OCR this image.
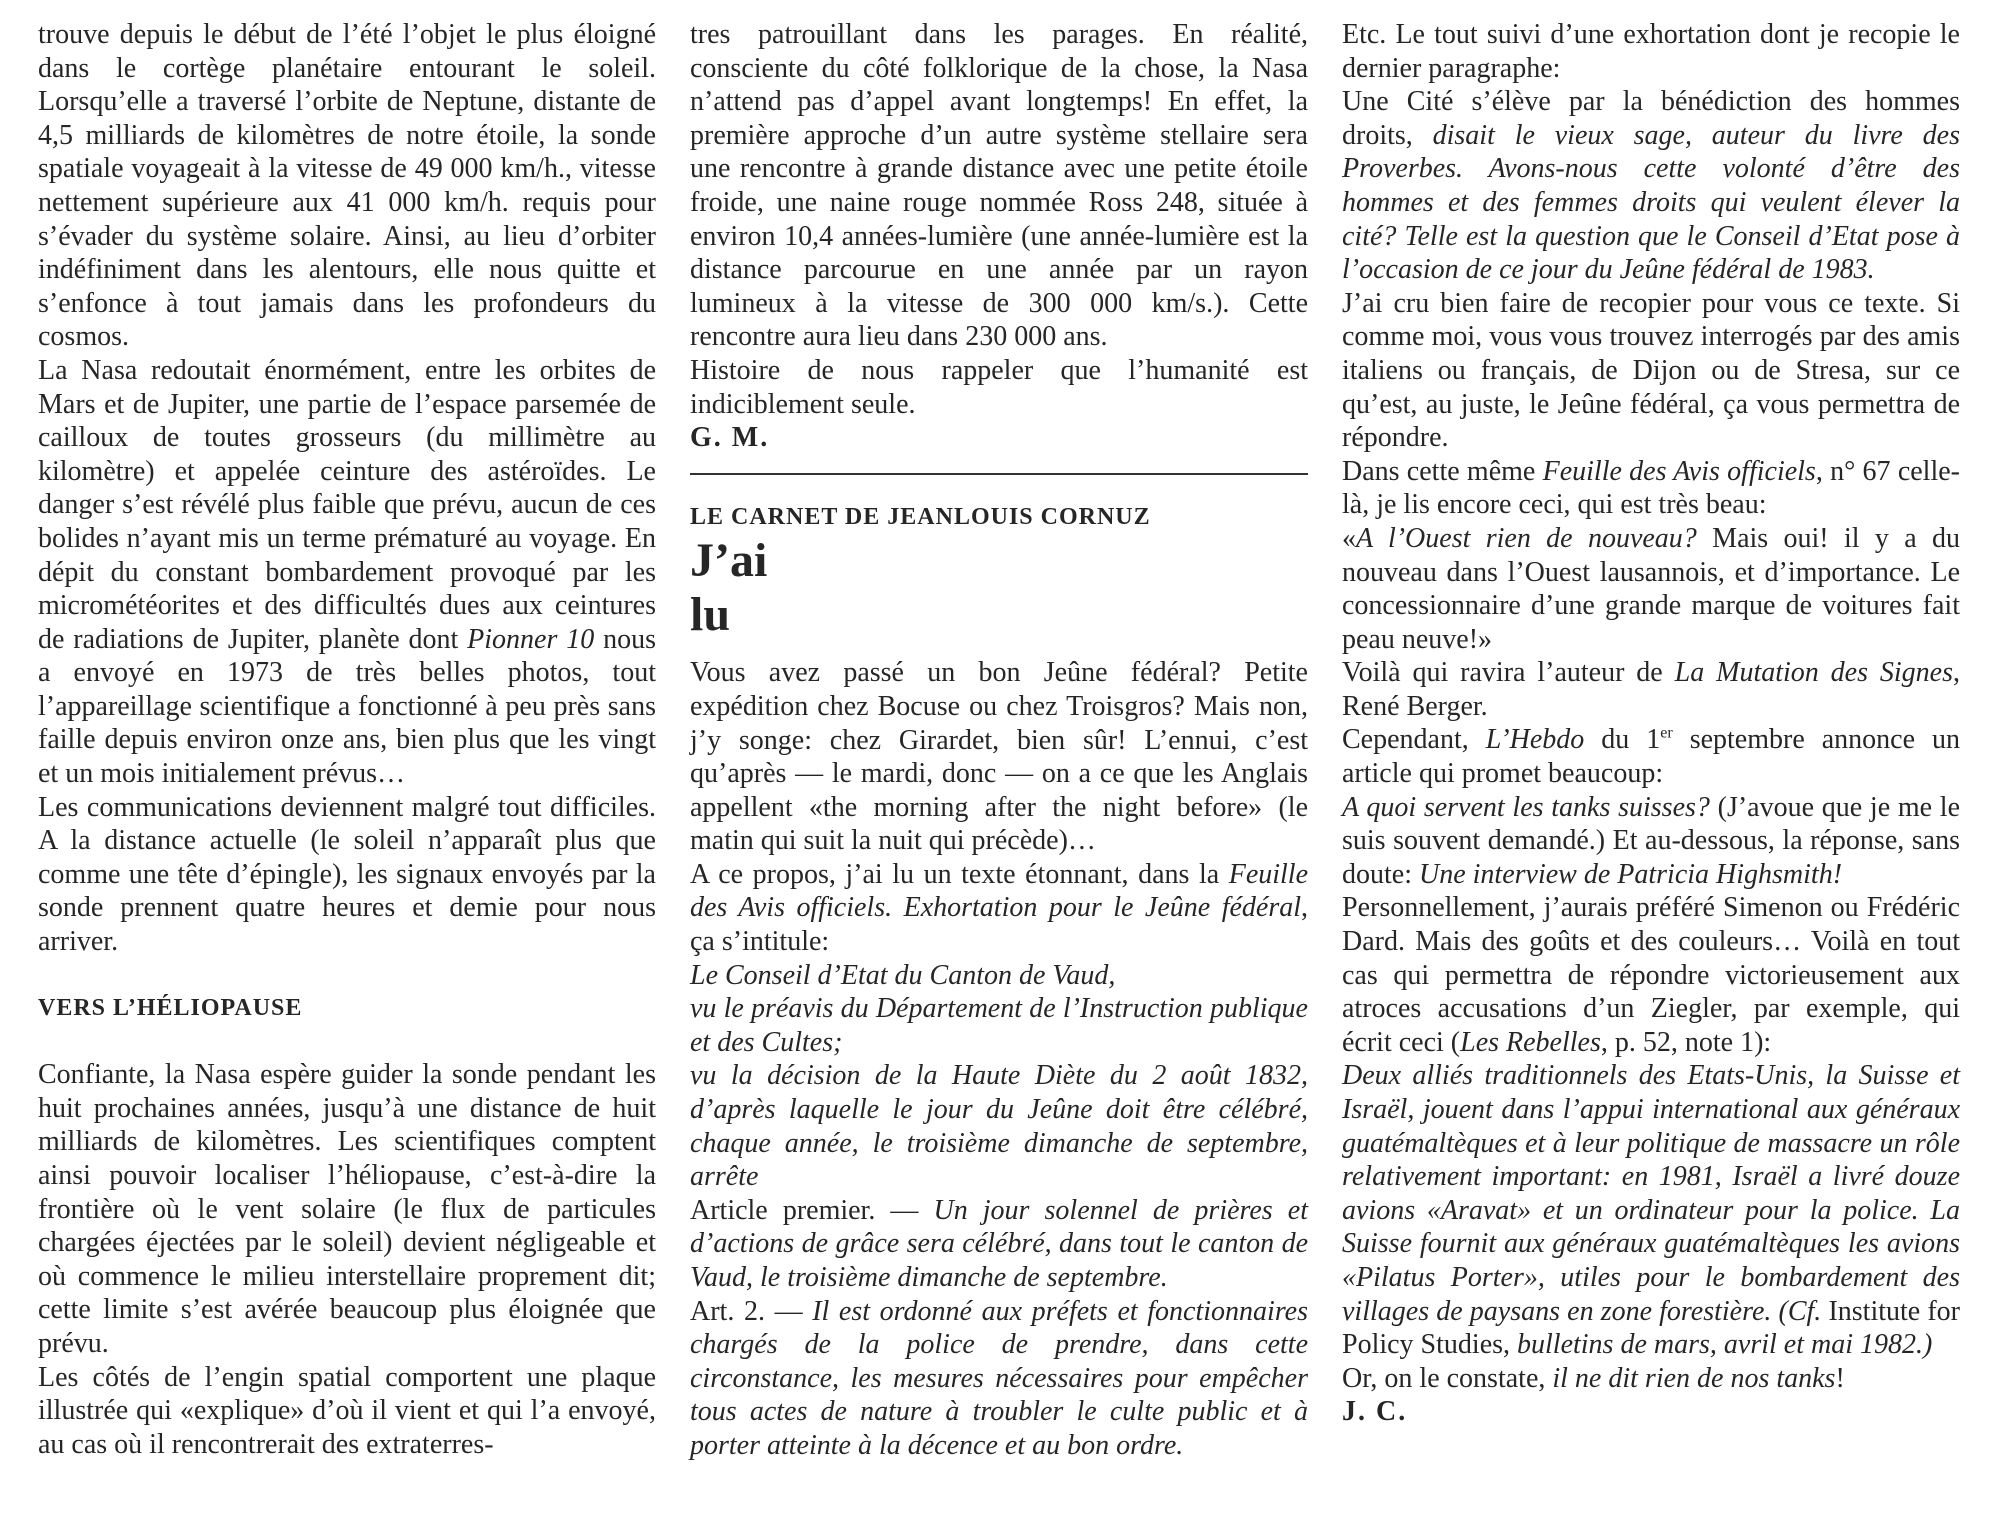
trouve depuis le début de l’été l’objet le plus éloigné dans le cortège planétaire entourant le soleil. Lorsqu’elle a traversé l’orbite de Neptune, distante de 4,5 milliards de kilomètres de notre étoile, la sonde spatiale voyageait à la vitesse de 49 000 km/h., vitesse nettement supérieure aux 41 000 km/h. requis pour s’évader du système solaire. Ainsi, au lieu d’orbiter indéfiniment dans les alentours, elle nous quitte et s’enfonce à tout jamais dans les profondeurs du cosmos.

La Nasa redoutait énormément, entre les orbites de Mars et de Jupiter, une partie de l’espace parsemée de cailloux de toutes grosseurs (du millimètre au kilomètre) et appelée ceinture des astéroïdes. Le danger s’est révélé plus faible que prévu, aucun de ces bolides n’ayant mis un terme prématuré au voyage. En dépit du constant bombardement provoqué par les micrométéorites et des difficultés dues aux ceintures de radiations de Jupiter, planète dont Pionner 10 nous a envoyé en 1973 de très belles photos, tout l’appareillage scientifique a fonctionné à peu près sans faille depuis environ onze ans, bien plus que les vingt et un mois initialement prévus…

Les communications deviennent malgré tout difficiles. A la distance actuelle (le soleil n’apparaît plus que comme une tête d’épingle), les signaux envoyés par la sonde prennent quatre heures et demie pour nous arriver.

VERS L’HÉLIOPAUSE

Confiante, la Nasa espère guider la sonde pendant les huit prochaines années, jusqu’à une distance de huit milliards de kilomètres. Les scientifiques comptent ainsi pouvoir localiser l’héliopause, c’est-à-dire la frontière où le vent solaire (le flux de particules chargées éjectées par le soleil) devient négligeable et où commence le milieu interstellaire proprement dit; cette limite s’est avérée beaucoup plus éloignée que prévu.

Les côtés de l’engin spatial comportent une plaque illustrée qui «explique» d’où il vient et qui l’a envoyé, au cas où il rencontrerait des extraterres-

tres patrouillant dans les parages. En réalité, consciente du côté folklorique de la chose, la Nasa n’attend pas d’appel avant longtemps! En effet, la première approche d’un autre système stellaire sera une rencontre à grande distance avec une petite étoile froide, une naine rouge nommée Ross 248, située à environ 10,4 années-lumière (une année-lumière est la distance parcourue en une année par un rayon lumineux à la vitesse de 300 000 km/s.). Cette rencontre aura lieu dans 230 000 ans.

Histoire de nous rappeler que l’humanité est indiciblement seule.

G. M.

LE CARNET DE JEANLOUIS CORNUZ

J’ai
lu

Vous avez passé un bon Jeûne fédéral? Petite expédition chez Bocuse ou chez Troisgros? Mais non, j’y songe: chez Girardet, bien sûr! L’ennui, c’est qu’après — le mardi, donc — on a ce que les Anglais appellent «the morning after the night before» (le matin qui suit la nuit qui précède)…

A ce propos, j’ai lu un texte étonnant, dans la Feuille des Avis officiels. Exhortation pour le Jeûne fédéral, ça s’intitule:

Le Conseil d’Etat du Canton de Vaud,

vu le préavis du Département de l’Instruction publique et des Cultes;

vu la décision de la Haute Diète du 2 août 1832, d’après laquelle le jour du Jeûne doit être célébré, chaque année, le troisième dimanche de septembre, arrête

Article premier. — Un jour solennel de prières et d’actions de grâce sera célébré, dans tout le canton de Vaud, le troisième dimanche de septembre.

Art. 2. — Il est ordonné aux préfets et fonctionnaires chargés de la police de prendre, dans cette circonstance, les mesures nécessaires pour empêcher tous actes de nature à troubler le culte public et à porter atteinte à la décence et au bon ordre.

Etc. Le tout suivi d’une exhortation dont je recopie le dernier paragraphe:

Une Cité s’élève par la bénédiction des hommes droits, disait le vieux sage, auteur du livre des Proverbes. Avons-nous cette volonté d’être des hommes et des femmes droits qui veulent élever la cité? Telle est la question que le Conseil d’Etat pose à l’occasion de ce jour du Jeûne fédéral de 1983.

J’ai cru bien faire de recopier pour vous ce texte. Si comme moi, vous vous trouvez interrogés par des amis italiens ou français, de Dijon ou de Stresa, sur ce qu’est, au juste, le Jeûne fédéral, ça vous permettra de répondre.

Dans cette même Feuille des Avis officiels, n° 67 celle-là, je lis encore ceci, qui est très beau:

«A l’Ouest rien de nouveau? Mais oui! il y a du nouveau dans l’Ouest lausannois, et d’importance. Le concessionnaire d’une grande marque de voitures fait peau neuve!»

Voilà qui ravira l’auteur de La Mutation des Signes, René Berger.

Cependant, L’Hebdo du 1er septembre annonce un article qui promet beaucoup:

A quoi servent les tanks suisses? (J’avoue que je me le suis souvent demandé.) Et au-dessous, la réponse, sans doute: Une interview de Patricia Highsmith!

Personnellement, j’aurais préféré Simenon ou Frédéric Dard. Mais des goûts et des couleurs… Voilà en tout cas qui permettra de répondre victorieusement aux atroces accusations d’un Ziegler, par exemple, qui écrit ceci (Les Rebelles, p. 52, note 1):

Deux alliés traditionnels des Etats-Unis, la Suisse et Israël, jouent dans l’appui international aux généraux guatémaltèques et à leur politique de massacre un rôle relativement important: en 1981, Israël a livré douze avions «Aravat» et un ordinateur pour la police. La Suisse fournit aux généraux guatémaltèques les avions «Pilatus Porter», utiles pour le bombardement des villages de paysans en zone forestière. (Cf. Institute for Policy Studies, bulletins de mars, avril et mai 1982.)

Or, on le constate, il ne dit rien de nos tanks!

J. C.
